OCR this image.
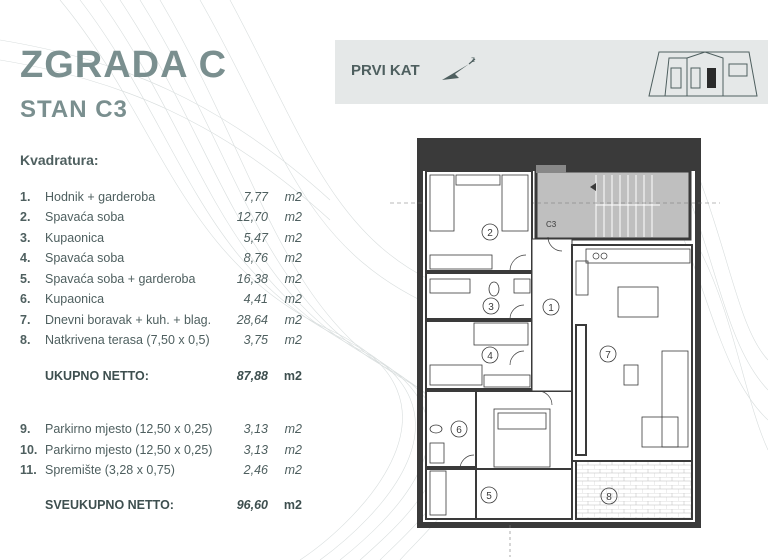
ZGRADA C
STAN C3
PRVI KAT
z
Kvadratura:
1. Hodnik + garderoba	7,77 m2
2. Spavaća soba	12,70 m2
3. Kupaonica	5,47 m2
4. Spavaća soba	8,76 m2
5. Spavaća soba + garderoba	16,38 m2
6. Kupaonica	4,41 m2
7. Dnevni boravak + kuh. + blag. 28,64 m2
8. Natkrivena terasa (7,50 x 0,5)	3,75 m2
UKUPNO NETTO:	87,88 m2
9. Parkirno mjesto (12,50 x 0,25) 3,13 m2
10. Parkirno mjesto (12,50 x 0,25) 3,13 m2
11. Spremište (3,28 x 0,75)	2,46 m2
SVEUKUPNO NETTO:	96,60 m2
C3
2
3
4
5
6
1
7
8
